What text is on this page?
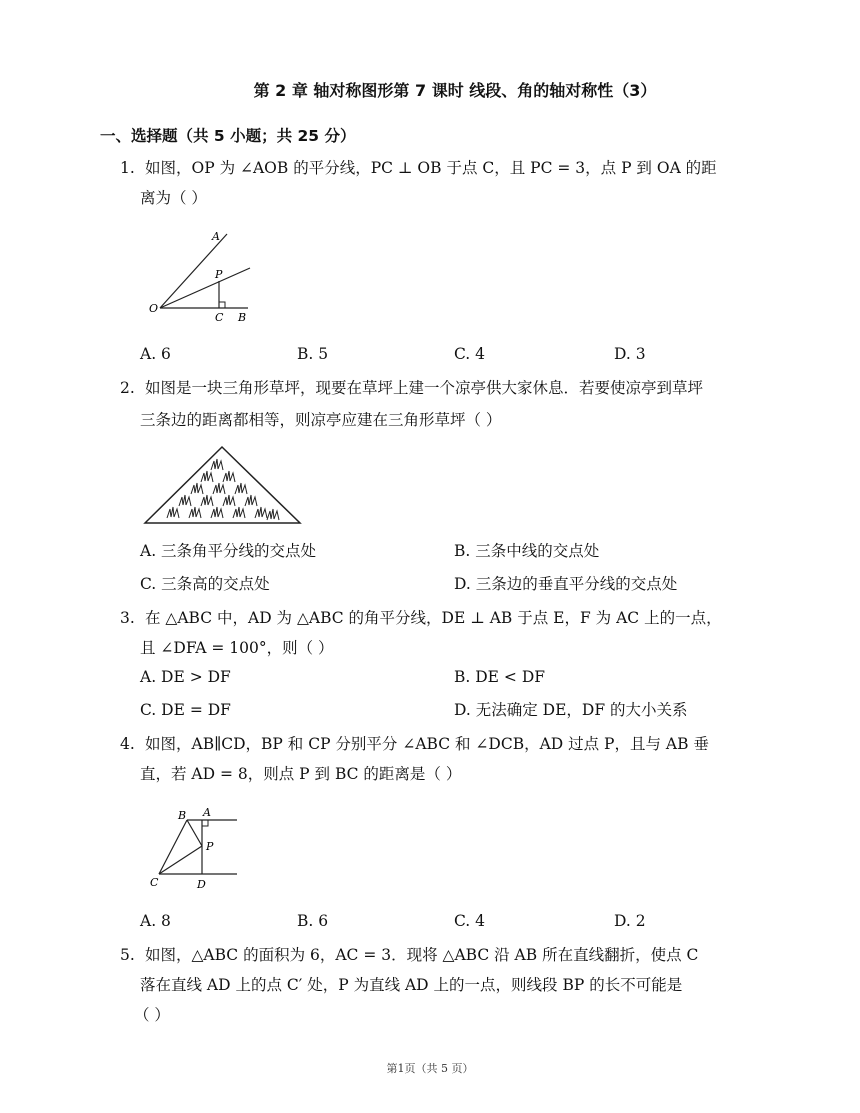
第 2 章 轴对称图形第 7 课时 线段、角的轴对称性（3）
一、选择题（共 5 小题；共 25 分）
1. 如图，OP 为 ∠AOB 的平分线，PC ⊥ OB 于点 C，且 PC = 3，点 P 到 OA 的距
离为（ ）
A
P
O
C B
A. 6	B. 5	C. 4	D. 3
2. 如图是一块三角形草坪，现要在草坪上建一个凉亭供大家休息．若要使凉亭到草坪
三条边的距离都相等，则凉亭应建在三角形草坪（ ）
A. 三条角平分线的交点处	B. 三条中线的交点处
C. 三条高的交点处	D. 三条边的垂直平分线的交点处
3. 在 △ABC 中，AD 为 △ABC 的角平分线，DE ⊥ AB 于点 E，F 为 AC 上的一点，
且 ∠DFA = 100°，则（ ）
A. DE > DF	B. DE < DF
C. DE = DF	D. 无法确定 DE，DF 的大小关系
4. 如图，AB∥CD，BP 和 CP 分别平分 ∠ABC 和 ∠DCB，AD 过点 P，且与 AB 垂
直，若 AD = 8，则点 P 到 BC 的距离是（ ）
B A
P
C	D
A. 8	B. 6	C. 4	D. 2
5. 如图，△ABC 的面积为 6，AC = 3．现将 △ABC 沿 AB 所在直线翻折，使点 C
落在直线 AD 上的点 C′ 处，P 为直线 AD 上的一点，则线段 BP 的长不可能是
（ ）
第1页（共 5 页）
